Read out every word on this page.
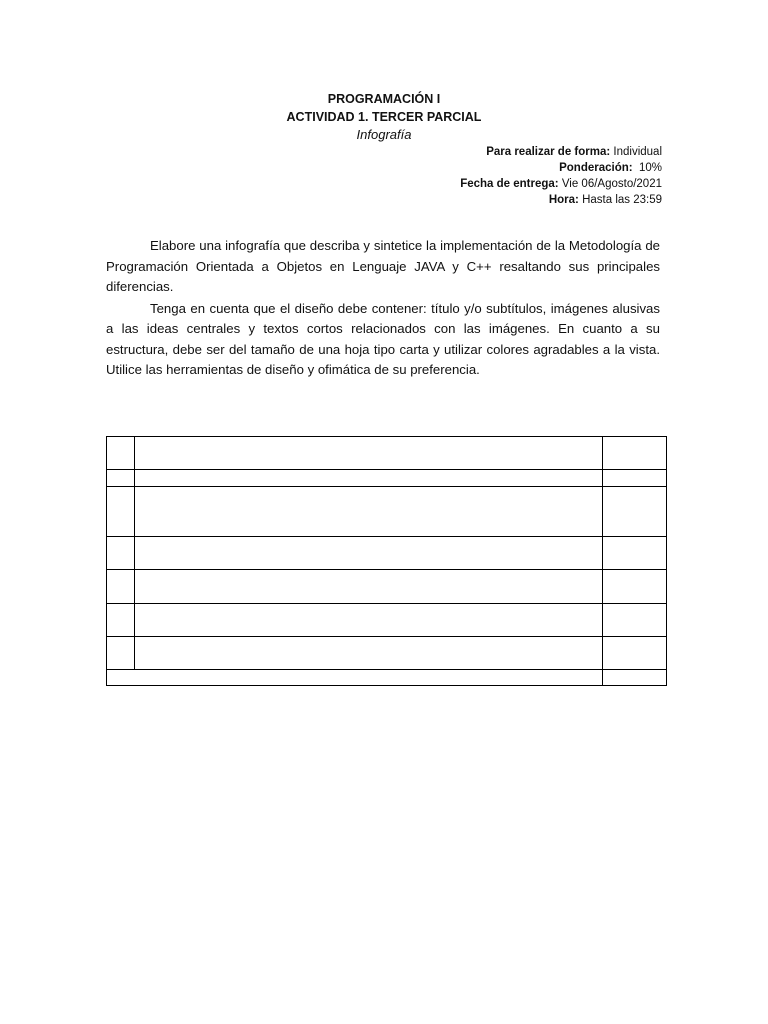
PROGRAMACIÓN I
ACTIVIDAD 1. TERCER PARCIAL
Infografía
Para realizar de forma: Individual
Ponderación: 10%
Fecha de entrega: Vie 06/Agosto/2021
Hora: Hasta las 23:59

Elabore una infografía que describa y sintetice la implementación de la Metodología de Programación Orientada a Objetos en Lenguaje JAVA y C++ resaltando sus principales diferencias.

Tenga en cuenta que el diseño debe contener: título y/o subtítulos, imágenes alusivas a las ideas centrales y textos cortos relacionados con las imágenes. En cuanto a su estructura, debe ser del tamaño de una hoja tipo carta y utilizar colores agradables a la vista. Utilice las herramientas de diseño y ofimática de su preferencia.
